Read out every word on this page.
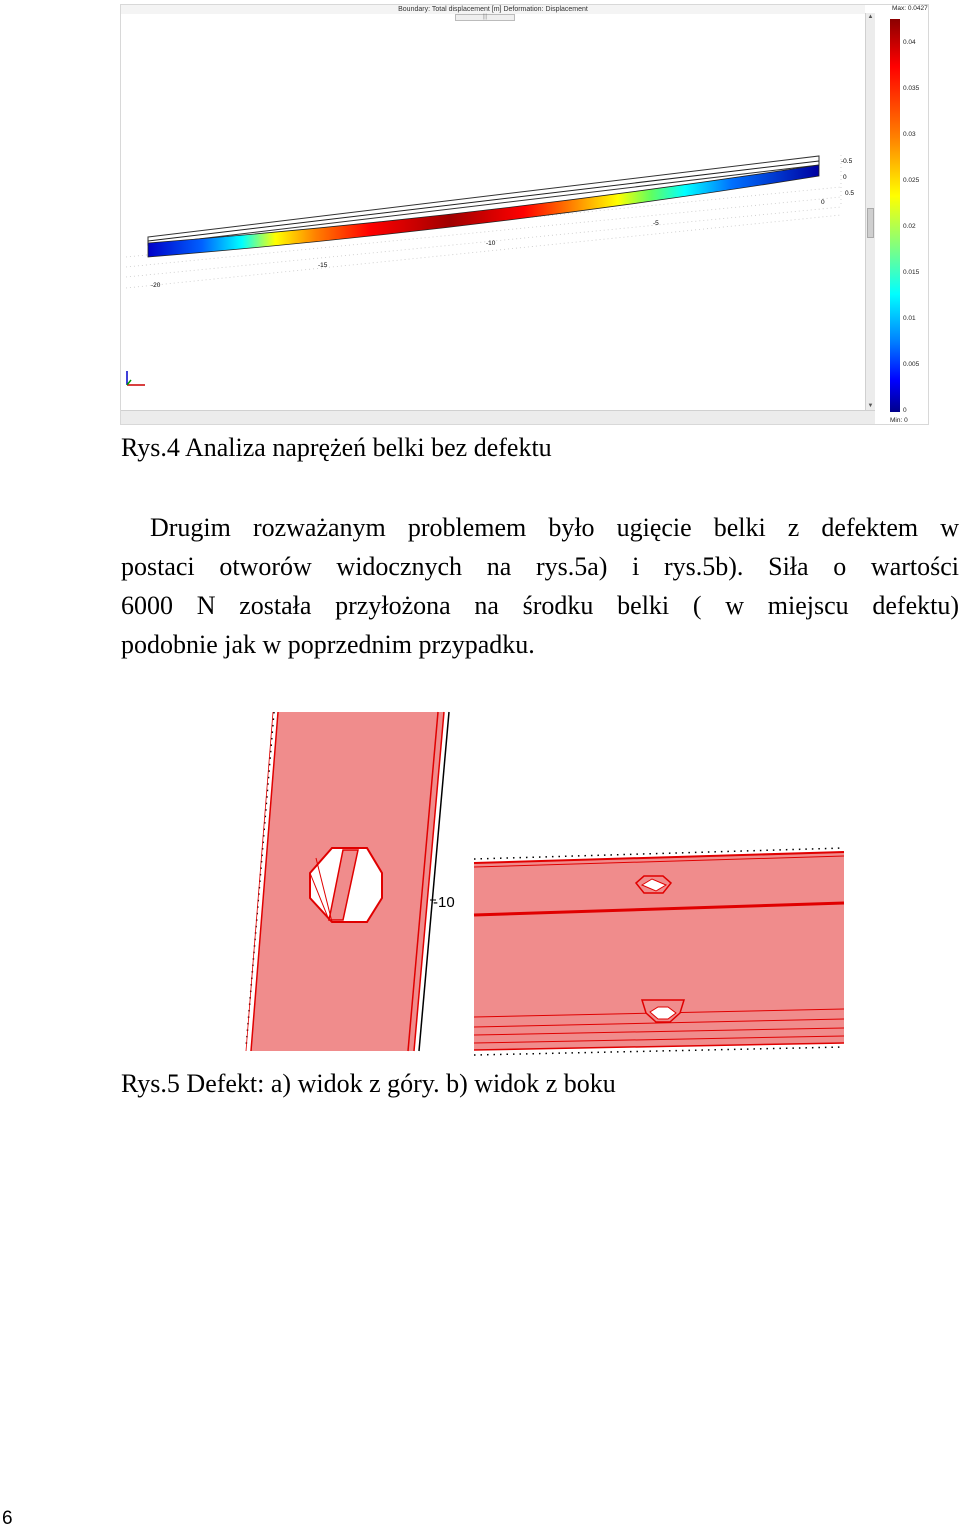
-20
-15
-10
-5
0
-0.5
0
0.5
Boundary: Total displacement [m] Deformation: Displacement
|||	▲
▼
Max: 0.0427
0.04
0.035
0.03
0.025
0.02
0.015
0.01
0.005
0
Min: 0
Rys.4 Analiza naprężeń belki bez defektu
Drugim rozważanym problemem było ugięcie belki z defektem w
postaci otworów widocznych na rys.5a) i rys.5b). Siła o wartości
6000 N została przyłożona na środku belki ( w miejscu defektu)
podobnie jak w poprzednim przypadku.
-10
Rys.5 Defekt: a) widok z góry. b) widok z boku
6
